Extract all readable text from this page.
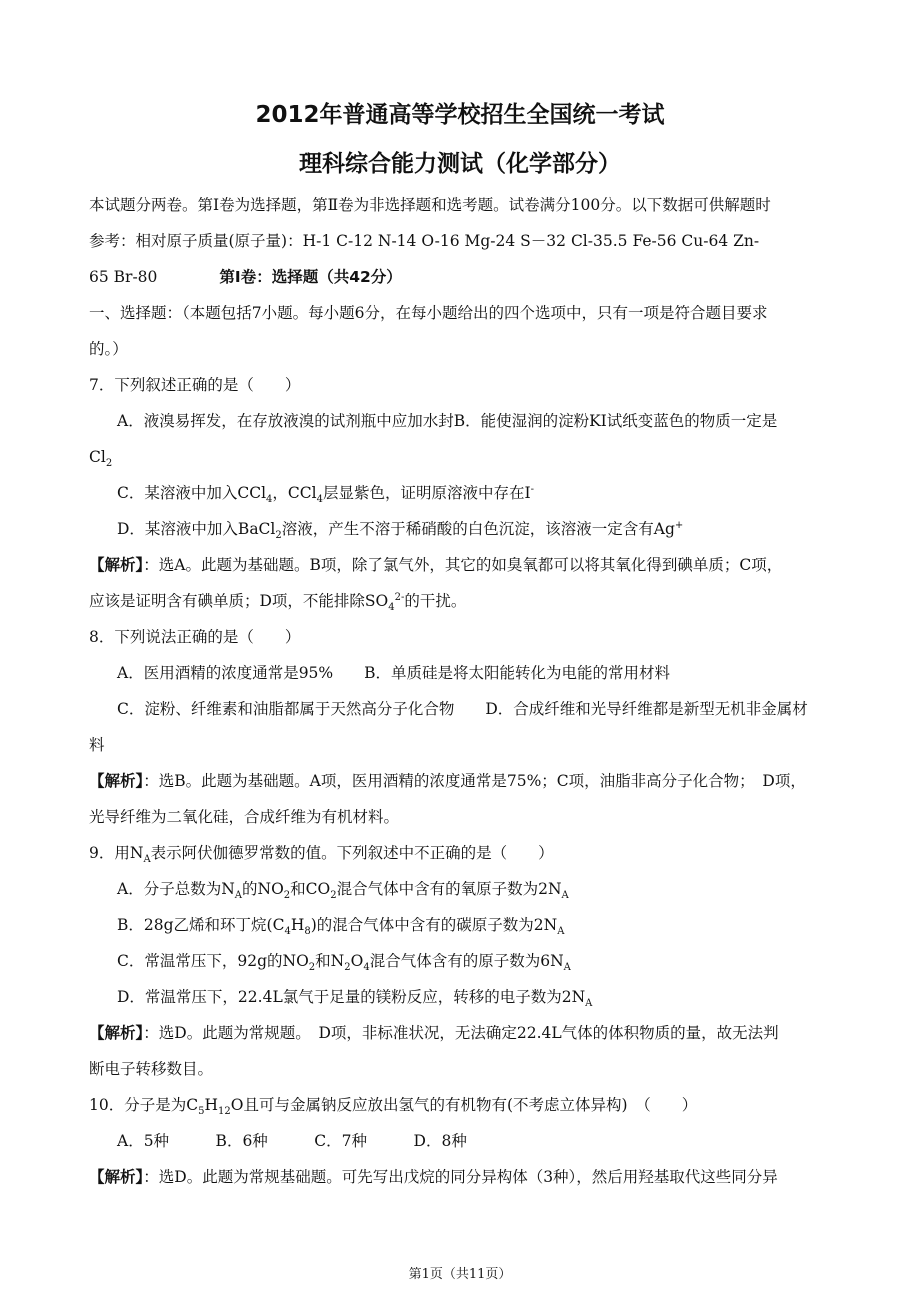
2012年普通高等学校招生全国统一考试
理科综合能力测试（化学部分）
本试题分两卷。第Ⅰ卷为选择题，第Ⅱ卷为非选择题和选考题。试卷满分100分。以下数据可供解题时
参考：相对原子质量(原子量)：H-1 C-12 N-14 O-16 Mg-24 S－32 Cl-35.5 Fe-56 Cu-64 Zn-
65 Br-80	第Ⅰ卷：选择题（共42分）
一、选择题：（本题包括7小题。每小题6分，在每小题给出的四个选项中，只有一项是符合题目要求
的。）
7．下列叙述正确的是（　　）
A．液溴易挥发，在存放液溴的试剂瓶中应加水封B．能使湿润的淀粉KI试纸变蓝色的物质一定是
$Cl_2$
C．某溶液中加入CCl$_4$，CCl$_4$层显紫色，证明原溶液中存在I-
D．某溶液中加入BaCl$_2$溶液，产生不溶于稀硝酸的白色沉淀，该溶液一定含有Ag+
【解析】：选A。此题为基础题。B项，除了氯气外，其它的如臭氧都可以将其氧化得到碘单质；C项，
应该是证明含有碘单质；D项，不能排除$SO_4^{2-}$的干扰。
8．下列说法正确的是（　　）
A．医用酒精的浓度通常是95%　　B．单质硅是将太阳能转化为电能的常用材料
C．淀粉、纤维素和油脂都属于天然高分子化合物　　D．合成纤维和光导纤维都是新型无机非金属材
料
【解析】：选B。此题为基础题。A项，医用酒精的浓度通常是75%；C项，油脂非高分子化合物；　D项，
光导纤维为二氧化硅，合成纤维为有机材料。
9．用$N_A$表示阿伏伽德罗常数的值。下列叙述中不正确的是（　　）
A．分子总数为$N_A$的$NO_2$和$CO_2$混合气体中含有的氧原子数为$2N_A$
B．28g乙烯和环丁烷$(C_4H_8)$的混合气体中含有的碳原子数为$2N_A$
C．常温常压下，92g的$NO_2$和$N_2O_4$混合气体含有的原子数为$6N_A$
D．常温常压下，22.4L氯气于足量的镁粉反应，转移的电子数为$2N_A$
【解析】：选D。此题为常规题。　D项，非标准状况，无法确定22.4L气体的体积物质的量，故无法判
断电子转移数目。
10．分子是为$C_5H_{12}O$且可与金属钠反应放出氢气的有机物有(不考虑立体异构)　（　　）
A．5种　　　B．6种　　　C．7种　　　D．8种
【解析】：选D。此题为常规基础题。可先写出戊烷的同分异构体（3种），然后用羟基取代这些同分异
第1页（共11页）
